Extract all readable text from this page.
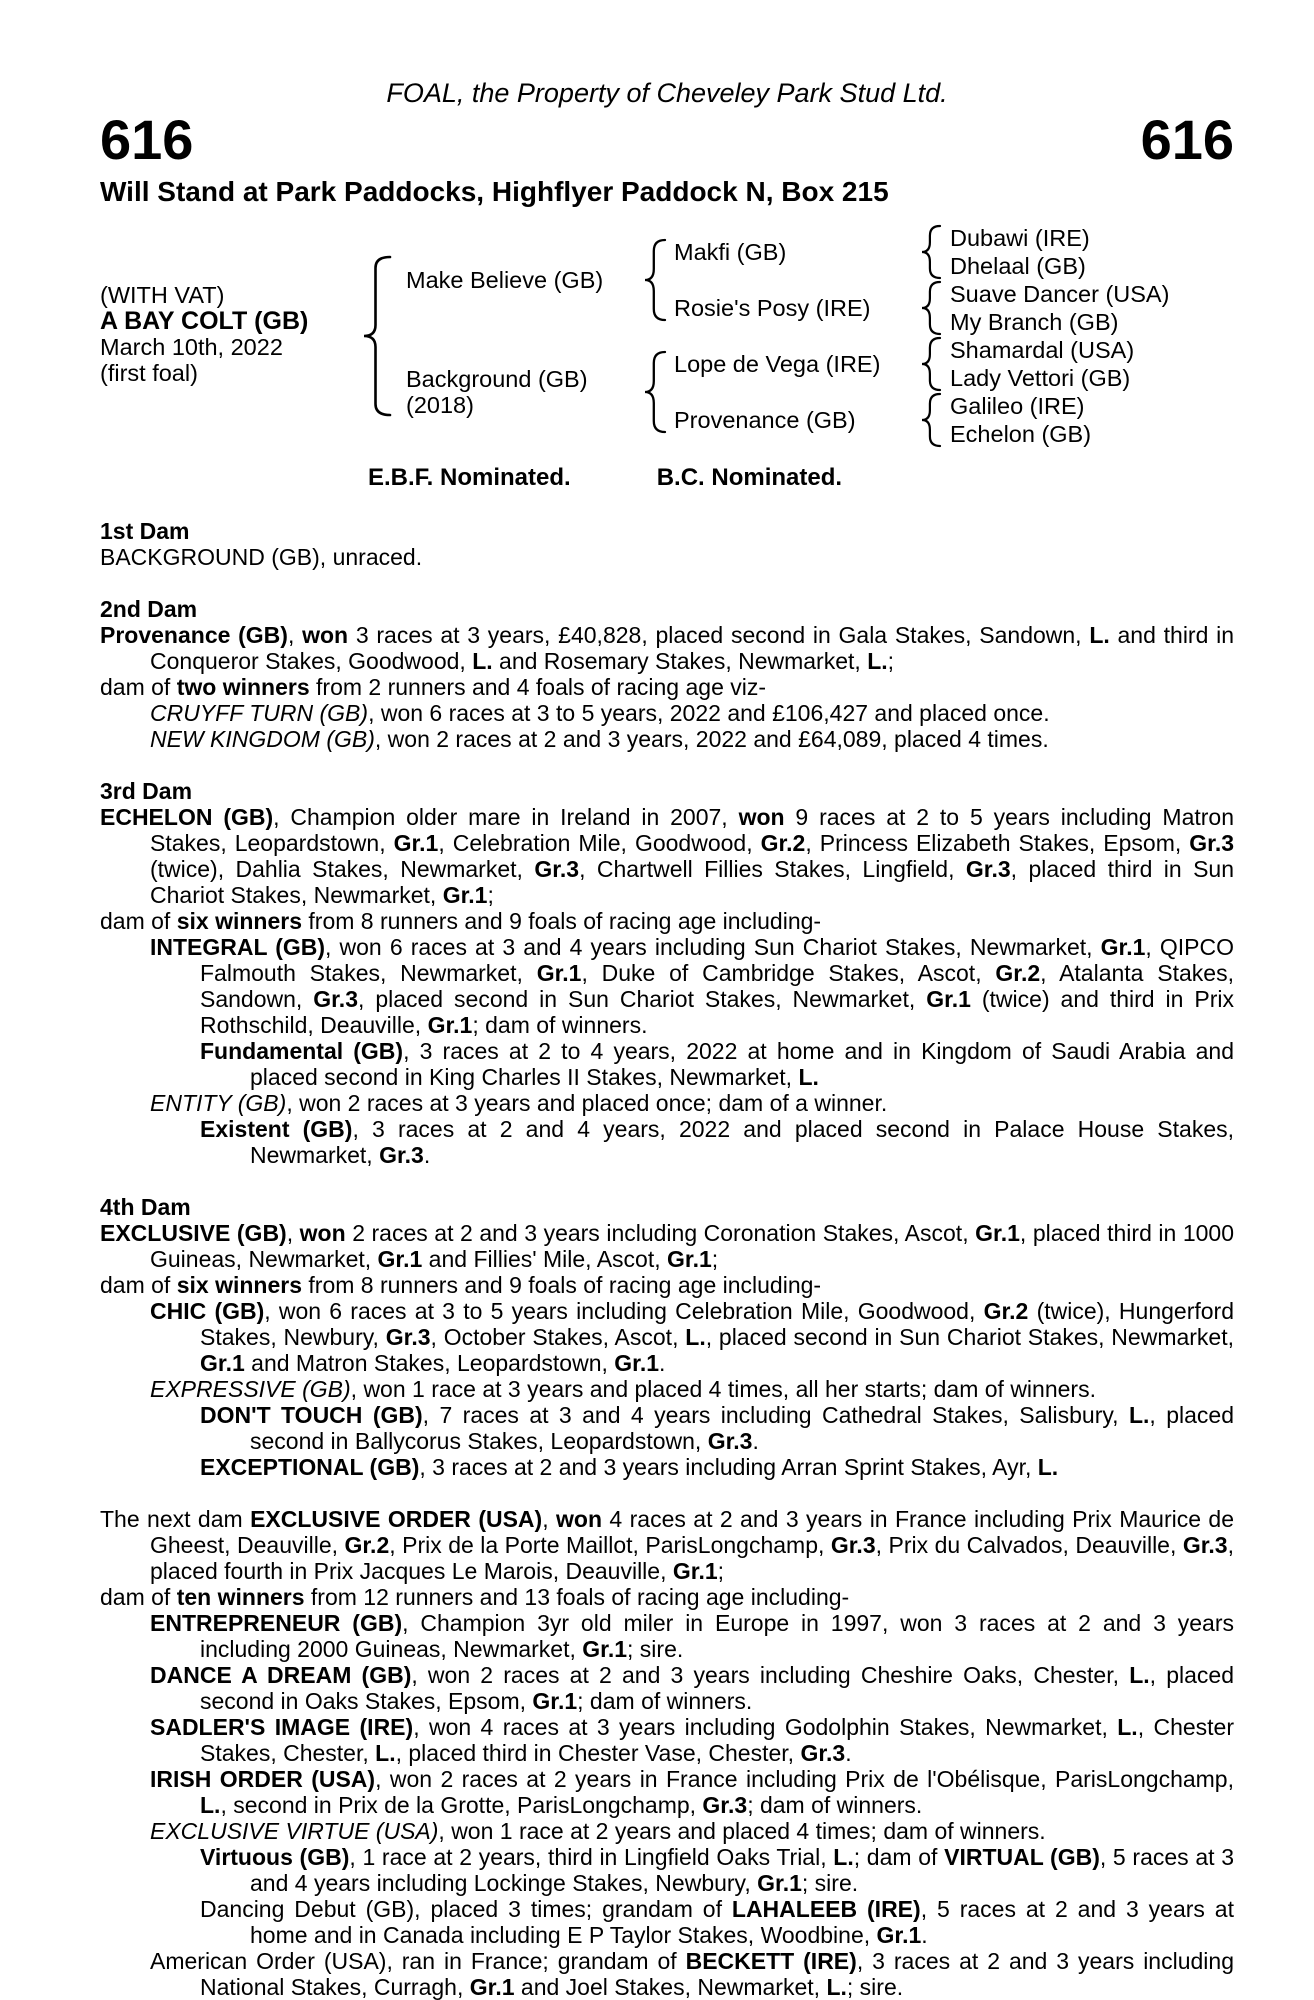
FOAL, the Property of Cheveley Park Stud Ltd.
616	616
Will Stand at Park Paddocks, Highflyer Paddock N, Box 215
(WITH VAT)
A BAY COLT (GB)
March 10th, 2022
(first foal)
Make Believe (GB)
Background (GB)
(2018)
Makfi (GB)
Rosie's Posy (IRE)
Lope de Vega (IRE)
Provenance (GB)
Dubawi (IRE)
Dhelaal (GB)
Suave Dancer (USA)
My Branch (GB)
Shamardal (USA)
Lady Vettori (GB)
Galileo (IRE)
Echelon (GB)
E.B.F. Nominated.	B.C. Nominated.
1st Dam
BACKGROUND (GB), unraced.
2nd Dam
Provenance (GB), won 3 races at 3 years, £40,828, placed second in Gala Stakes, Sandown, L. and third in Conqueror Stakes, Goodwood, L. and Rosemary Stakes, Newmarket, L.;
dam of two winners from 2 runners and 4 foals of racing age viz-
CRUYFF TURN (GB), won 6 races at 3 to 5 years, 2022 and £106,427 and placed once.
NEW KINGDOM (GB), won 2 races at 2 and 3 years, 2022 and £64,089, placed 4 times.
3rd Dam
ECHELON (GB), Champion older mare in Ireland in 2007, won 9 races at 2 to 5 years including Matron Stakes, Leopardstown, Gr.1, Celebration Mile, Goodwood, Gr.2, Princess Elizabeth Stakes, Epsom, Gr.3 (twice), Dahlia Stakes, Newmarket, Gr.3, Chartwell Fillies Stakes, Lingfield, Gr.3, placed third in Sun Chariot Stakes, Newmarket, Gr.1;
dam of six winners from 8 runners and 9 foals of racing age including-
INTEGRAL (GB), won 6 races at 3 and 4 years including Sun Chariot Stakes, Newmarket, Gr.1, QIPCO Falmouth Stakes, Newmarket, Gr.1, Duke of Cambridge Stakes, Ascot, Gr.2, Atalanta Stakes, Sandown, Gr.3, placed second in Sun Chariot Stakes, Newmarket, Gr.1 (twice) and third in Prix Rothschild, Deauville, Gr.1; dam of winners.
Fundamental (GB), 3 races at 2 to 4 years, 2022 at home and in Kingdom of Saudi Arabia and placed second in King Charles II Stakes, Newmarket, L.
ENTITY (GB), won 2 races at 3 years and placed once; dam of a winner.
Existent (GB), 3 races at 2 and 4 years, 2022 and placed second in Palace House Stakes, Newmarket, Gr.3.
4th Dam
EXCLUSIVE (GB), won 2 races at 2 and 3 years including Coronation Stakes, Ascot, Gr.1, placed third in 1000 Guineas, Newmarket, Gr.1 and Fillies' Mile, Ascot, Gr.1;
dam of six winners from 8 runners and 9 foals of racing age including-
CHIC (GB), won 6 races at 3 to 5 years including Celebration Mile, Goodwood, Gr.2 (twice), Hungerford Stakes, Newbury, Gr.3, October Stakes, Ascot, L., placed second in Sun Chariot Stakes, Newmarket, Gr.1 and Matron Stakes, Leopardstown, Gr.1.
EXPRESSIVE (GB), won 1 race at 3 years and placed 4 times, all her starts; dam of winners.
DON'T TOUCH (GB), 7 races at 3 and 4 years including Cathedral Stakes, Salisbury, L., placed second in Ballycorus Stakes, Leopardstown, Gr.3.
EXCEPTIONAL (GB), 3 races at 2 and 3 years including Arran Sprint Stakes, Ayr, L.
The next dam EXCLUSIVE ORDER (USA), won 4 races at 2 and 3 years in France including Prix Maurice de Gheest, Deauville, Gr.2, Prix de la Porte Maillot, ParisLongchamp, Gr.3, Prix du Calvados, Deauville, Gr.3, placed fourth in Prix Jacques Le Marois, Deauville, Gr.1;
dam of ten winners from 12 runners and 13 foals of racing age including-
ENTREPRENEUR (GB), Champion 3yr old miler in Europe in 1997, won 3 races at 2 and 3 years including 2000 Guineas, Newmarket, Gr.1; sire.
DANCE A DREAM (GB), won 2 races at 2 and 3 years including Cheshire Oaks, Chester, L., placed second in Oaks Stakes, Epsom, Gr.1; dam of winners.
SADLER'S IMAGE (IRE), won 4 races at 3 years including Godolphin Stakes, Newmarket, L., Chester Stakes, Chester, L., placed third in Chester Vase, Chester, Gr.3.
IRISH ORDER (USA), won 2 races at 2 years in France including Prix de l'Obélisque, ParisLongchamp, L., second in Prix de la Grotte, ParisLongchamp, Gr.3; dam of winners.
EXCLUSIVE VIRTUE (USA), won 1 race at 2 years and placed 4 times; dam of winners.
Virtuous (GB), 1 race at 2 years, third in Lingfield Oaks Trial, L.; dam of VIRTUAL (GB), 5 races at 3 and 4 years including Lockinge Stakes, Newbury, Gr.1; sire.
Dancing Debut (GB), placed 3 times; grandam of LAHALEEB (IRE), 5 races at 2 and 3 years at home and in Canada including E P Taylor Stakes, Woodbine, Gr.1.
American Order (USA), ran in France; grandam of BECKETT (IRE), 3 races at 2 and 3 years including National Stakes, Curragh, Gr.1 and Joel Stakes, Newmarket, L.; sire.
